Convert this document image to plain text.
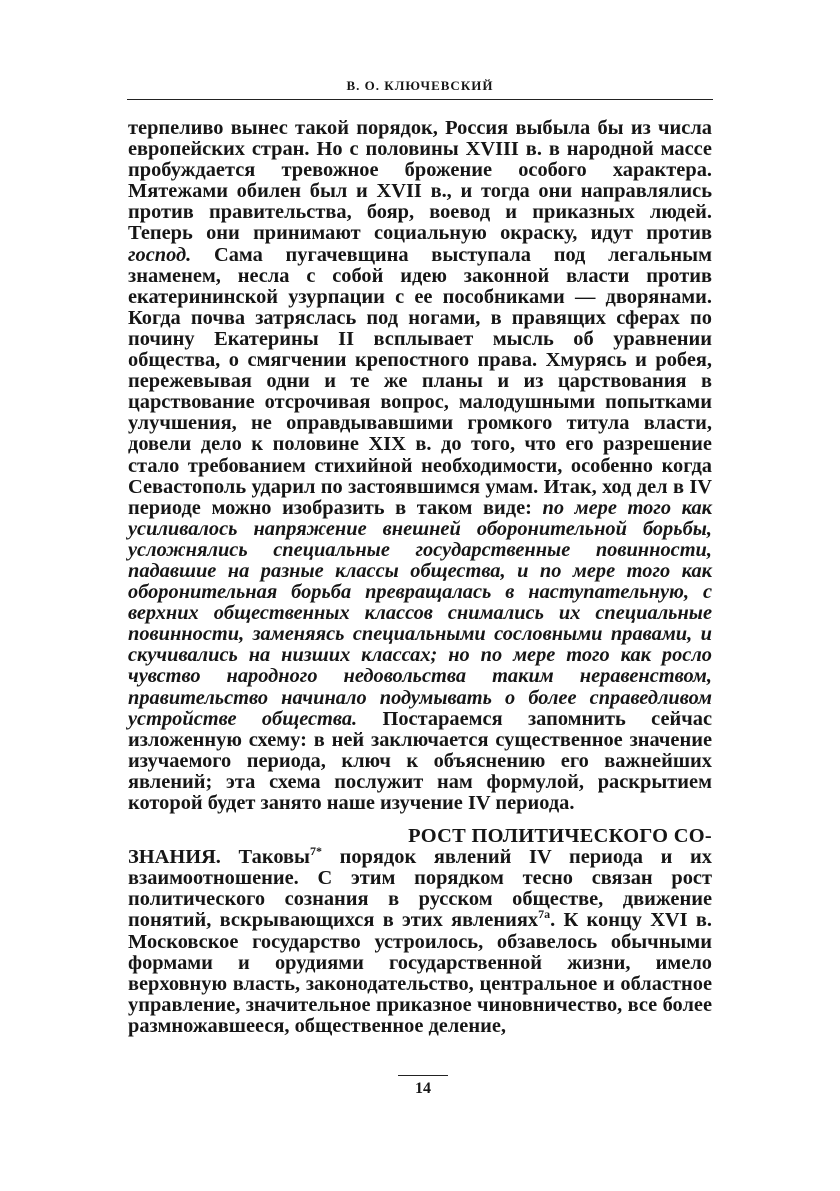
В. О. КЛЮЧЕВСКИЙ

терпеливо вынес такой порядок, Россия выбыла бы из числа европейских стран. Но с половины XVIII в. в народной массе пробуждается тревожное брожение особого характера. Мятежами обилен был и XVII в., и тогда они направлялись против правительства, бояр, воевод и приказных людей. Теперь они принимают социальную окраску, идут против господ. Сама пугачевщина выступала под легальным знаменем, несла с собой идею законной власти против екатерининской узурпации с ее пособниками — дворянами. Когда почва затряслась под ногами, в правящих сферах по почину Екатерины II всплывает мысль об уравнении общества, о смягчении крепостного права. Хмурясь и робея, пережевывая одни и те же планы и из царствования в царствование отсрочивая вопрос, малодушными попытками улучшения, не оправдывавшими громкого титула власти, довели дело к половине XIX в. до того, что его разрешение стало требованием стихийной необходимости, особенно когда Севастополь ударил по застоявшимся умам. Итак, ход дел в IV периоде можно изобразить в таком виде: по мере того как усиливалось напряжение внешней оборонительной борьбы, усложнялись специальные государственные повинности, падавшие на разные классы общества, и по мере того как оборонительная борьба превращалась в наступательную, с верхних общественных классов снимались их специальные повинности, заменяясь специальными сословными правами, и скучивались на низших классах; но по мере того как росло чувство народного недовольства таким неравенством, правительство начинало подумывать о более справедливом устройстве общества. Постараемся запомнить сейчас изложенную схему: в ней заключается существенное значение изучаемого периода, ключ к объяснению его важнейших явлений; эта схема послужит нам формулой, раскрытием которой будет занято наше изучение IV периода.

РОСТ ПОЛИТИЧЕСКОГО СО-

ЗНАНИЯ. Таковы$^{7*}$ порядок явлений IV периода и их взаимоотношение. С этим порядком тесно связан рост политического сознания в русском обществе, движение понятий, вскрывающихся в этих явлениях$^{7а}$. К концу XVI в. Московское государство устроилось, обзавелось обычными формами и орудиями государственной жизни, имело верховную власть, законодательство, центральное и областное управление, значительное приказное чиновничество, все более размножавшееся, общественное деление,

14
